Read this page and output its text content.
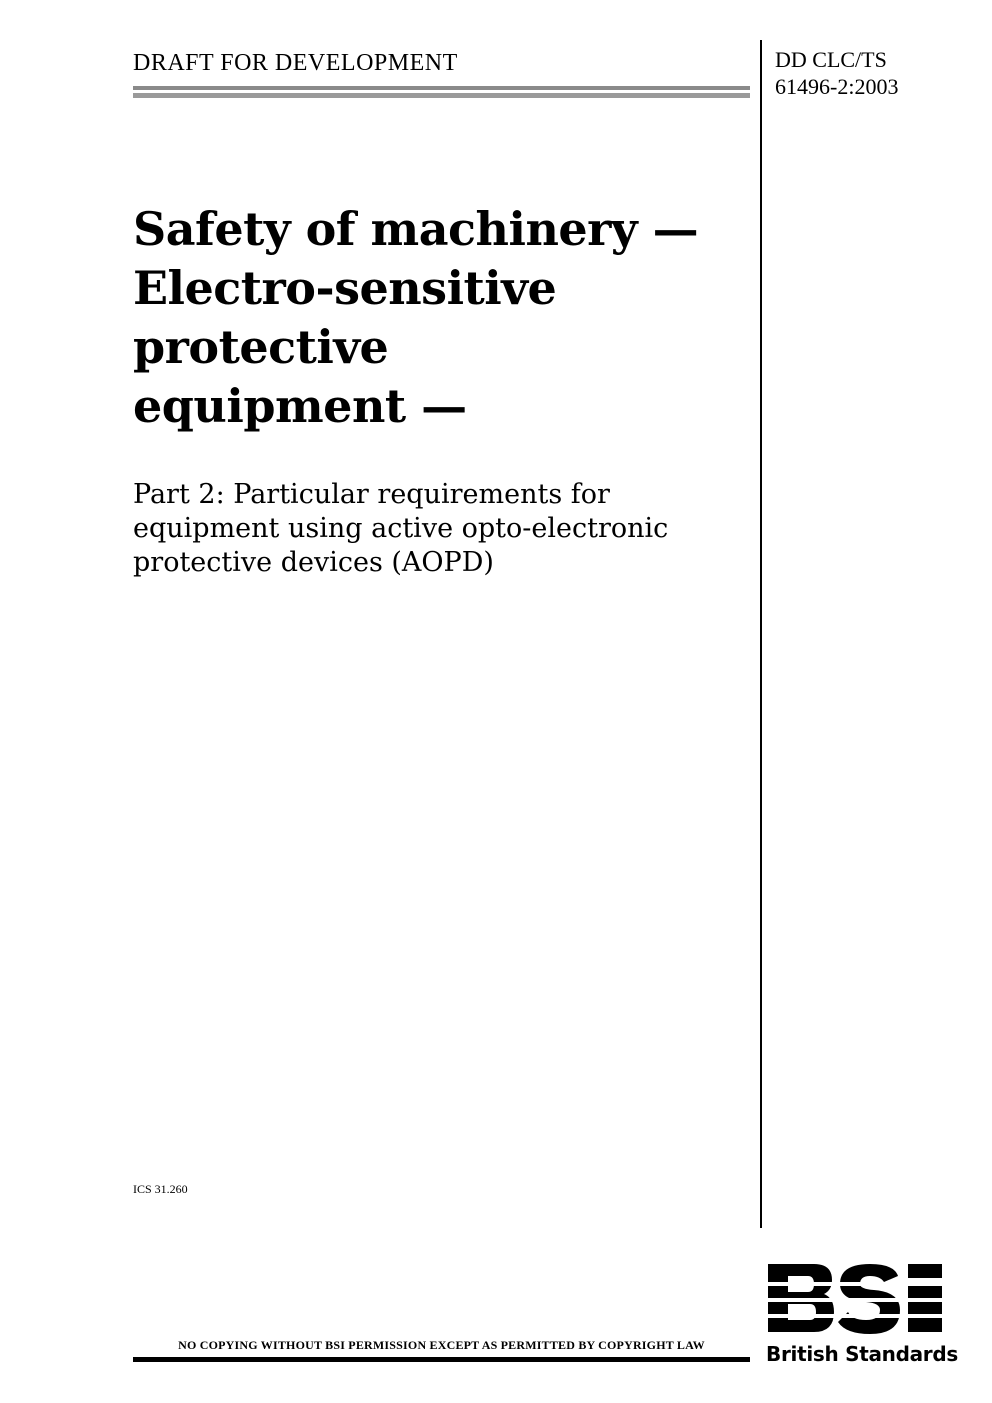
DRAFT FOR DEVELOPMENT	DD CLC/TS
61496-2:2003
Safety of machinery —
Electro-sensitive
protective
equipment —
Part 2: Particular requirements for
equipment using active opto-electronic
protective devices (AOPD)
ICS 31.260
NO COPYING WITHOUT BSI PERMISSION EXCEPT AS PERMITTED BY COPYRIGHT LAW	British Standards
